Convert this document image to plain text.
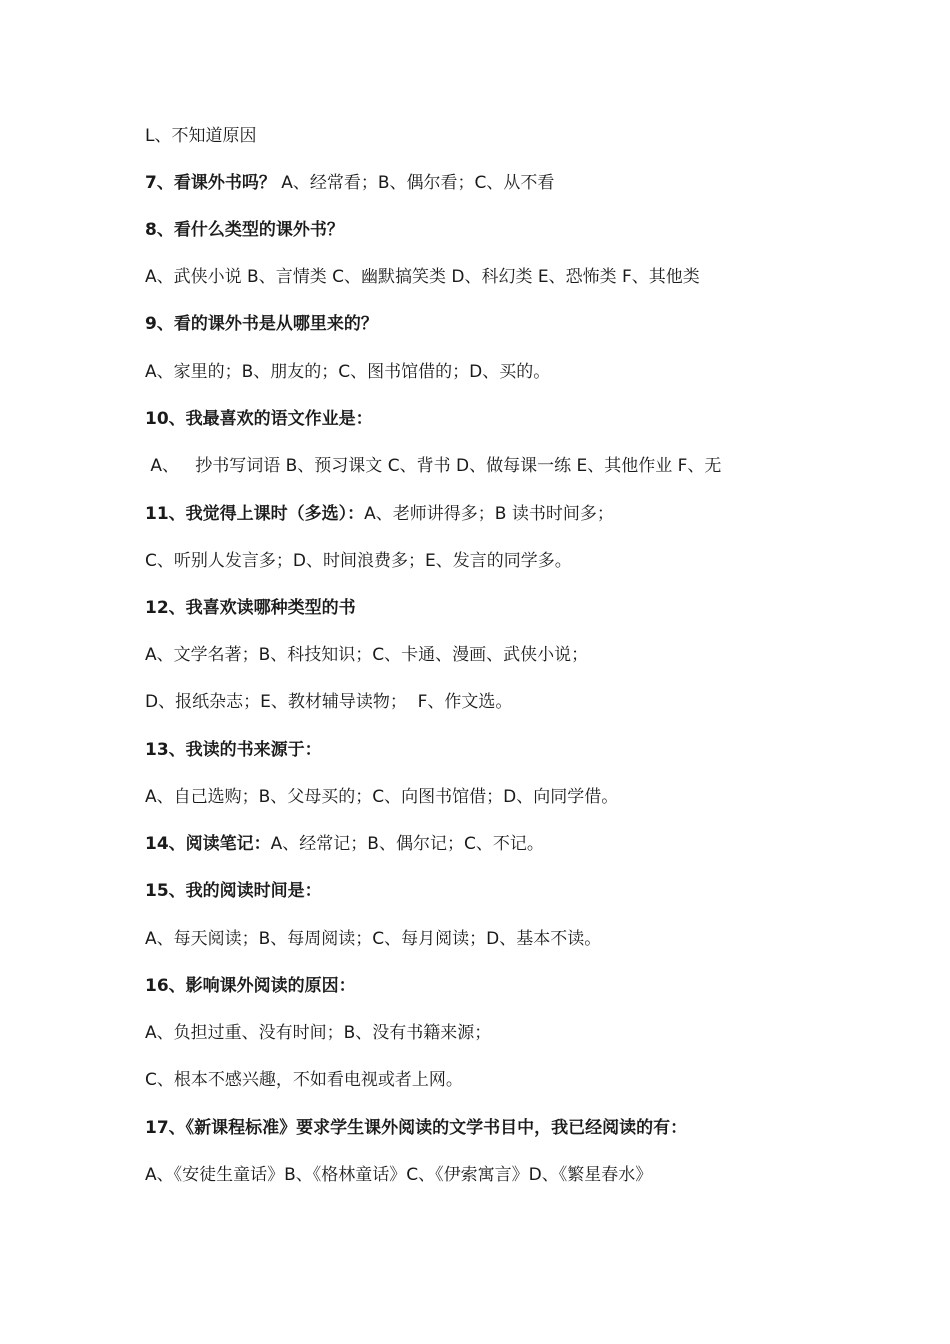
L、不知道原因
7、看课外书吗？ A、经常看；B、偶尔看；C、从不看
8、看什么类型的课外书？
A、武侠小说 B、言情类 C、幽默搞笑类 D、科幻类 E、恐怖类 F、其他类
9、看的课外书是从哪里来的？
A、家里的；B、朋友的；C、图书馆借的；D、买的。
10、我最喜欢的语文作业是：
A、   抄书写词语 B、预习课文 C、背书 D、做每课一练 E、其他作业 F、无
11、我觉得上课时（多选）：A、老师讲得多；B 读书时间多；
C、听别人发言多；D、时间浪费多；E、发言的同学多。
12、我喜欢读哪种类型的书
A、文学名著；B、科技知识；C、卡通、漫画、武侠小说；
D、报纸杂志；E、教材辅导读物；  F、作文选。
13、我读的书来源于：
A、自己选购；B、父母买的；C、向图书馆借；D、向同学借。
14、阅读笔记：A、经常记；B、偶尔记；C、不记。
15、我的阅读时间是：
A、每天阅读；B、每周阅读；C、每月阅读；D、基本不读。
16、影响课外阅读的原因：
A、负担过重、没有时间；B、没有书籍来源；
C、根本不感兴趣，不如看电视或者上网。
17、《新课程标准》要求学生课外阅读的文学书目中，我已经阅读的有：
A、《安徒生童话》B、《格林童话》C、《伊索寓言》D、《繁星春水》
